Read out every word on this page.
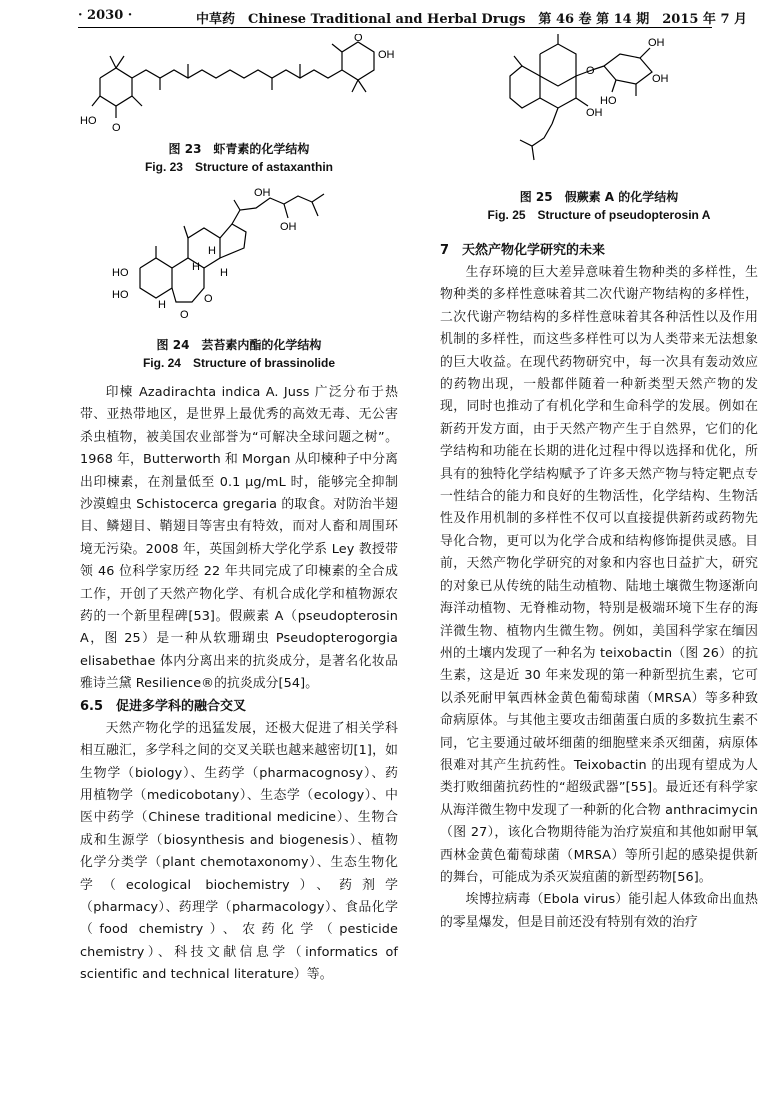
· 2030 ·	中草药　Chinese Traditional and Herbal Drugs　第 46 卷 第 14 期　2015 年 7 月
HO
O
O
OH
图 23　虾青素的化学结构
Fig. 23　Structure of astaxanthin
HO
HO
OH
OH
H
H H
H	O
O
图 24　芸苔素内酯的化学结构
Fig. 24　Structure of brassinolide

印楝 Azadirachta indica A. Juss 广泛分布于热带、亚热带地区，是世界上最优秀的高效无毒、无公害杀虫植物，被美国农业部誉为“可解决全球问题之树”。1968 年，Butterworth 和 Morgan 从印楝种子中分离出印楝素，在剂量低至 0.1 μg/mL 时，能够完全抑制沙漠蝗虫 Schistocerca gregaria 的取食。对防治半翅目、鳞翅目、鞘翅目等害虫有特效，而对人畜和周围环境无污染。2008 年，英国剑桥大学化学系 Ley 教授带领 46 位科学家历经 22 年共同完成了印楝素的全合成工作，开创了天然产物化学、有机合成化学和植物源农药的一个新里程碑[53]。假蕨素 A（pseudopterosin A，图 25）是一种从软珊瑚虫 Pseudopterogorgia elisabethae 体内分离出来的抗炎成分，是著名化妆品雅诗兰黛 Resilience®的抗炎成分[54]。

6.5　促进多学科的融合交叉

天然产物化学的迅猛发展，还极大促进了相关学科相互融汇，多学科之间的交叉关联也越来越密切[1]，如生物学（biology）、生药学（pharmacognosy）、药用植物学（medicobotany）、生态学（ecology）、中医中药学（Chinese traditional medicine）、生物合成和生源学（biosynthesis and biogenesis）、植物化学分类学（plant chemotaxonomy）、生态生物化学（ecological biochemistry）、药剂学（pharmacy）、药理学（pharmacology）、食品化学（food chemistry）、农药化学（pesticide chemistry）、科技文献信息学（informatics of scientific and technical literature）等。

O
OH
OH
HO
OH
图 25　假蕨素 A 的化学结构
Fig. 25　Structure of pseudopterosin A

7　天然产物化学研究的未来

生存环境的巨大差异意味着生物种类的多样性，生物种类的多样性意味着其二次代谢产物结构的多样性，二次代谢产物结构的多样性意味着其各种活性以及作用机制的多样性，而这些多样性可以为人类带来无法想象的巨大收益。在现代药物研究中，每一次具有轰动效应的药物出现，一般都伴随着一种新类型天然产物的发现，同时也推动了有机化学和生命科学的发展。例如在新药开发方面，由于天然产物产生于自然界，它们的化学结构和功能在长期的进化过程中得以选择和优化，所具有的独特化学结构赋予了许多天然产物与特定靶点专一性结合的能力和良好的生物活性，化学结构、生物活性及作用机制的多样性不仅可以直接提供新药或药物先导化合物，更可以为化学合成和结构修饰提供灵感。目前，天然产物化学研究的对象和内容也日益扩大，研究的对象已从传统的陆生动植物、陆地土壤微生物逐渐向海洋动植物、无脊椎动物，特别是极端环境下生存的海洋微生物、植物内生微生物。例如，美国科学家在缅因州的土壤内发现了一种名为 teixobactin（图 26）的抗生素，这是近 30 年来发现的第一种新型抗生素，它可以杀死耐甲氧西林金黄色葡萄球菌（MRSA）等多种致命病原体。与其他主要攻击细菌蛋白质的多数抗生素不同，它主要通过破坏细菌的细胞壁来杀灭细菌，病原体很难对其产生抗药性。Teixobactin 的出现有望成为人类打败细菌抗药性的“超级武器”[55]。最近还有科学家从海洋微生物中发现了一种新的化合物 anthracimycin（图 27），该化合物期待能为治疗炭疽和其他如耐甲氧西林金黄色葡萄球菌（MRSA）等所引起的感染提供新的舞台，可能成为杀灭炭疽菌的新型药物[56]。

埃博拉病毒（Ebola virus）能引起人体致命出血热的零星爆发，但是目前还没有特别有效的治疗
